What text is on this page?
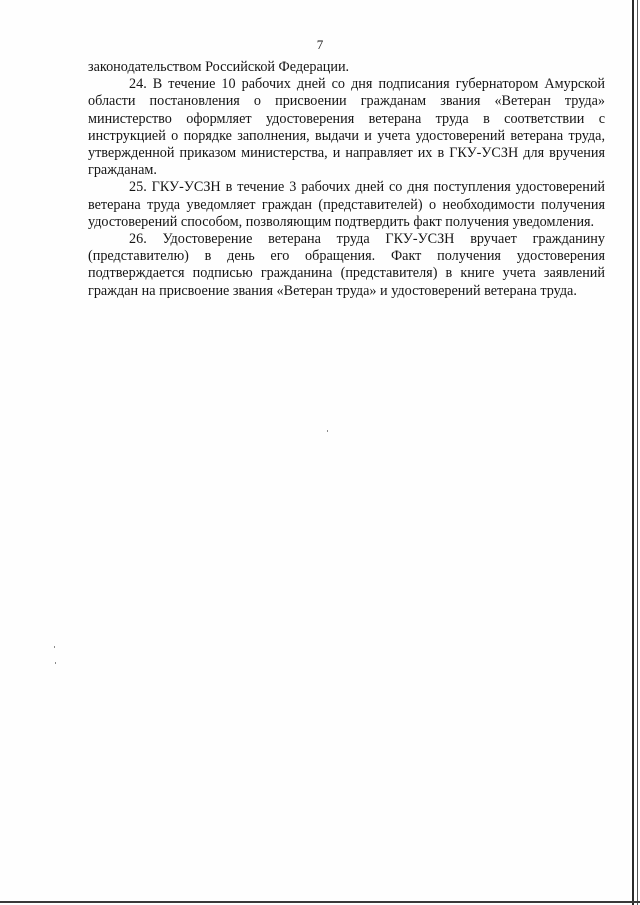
7

законодательством Российской Федерации.

24. В течение 10 рабочих дней со дня подписания губернатором Амурской области постановления о присвоении гражданам звания «Ветеран труда» министерство оформляет удостоверения ветерана труда в соответствии с инструкцией о порядке заполнения, выдачи и учета удостоверений ветерана труда, утвержденной приказом министерства, и направляет их в ГКУ-УСЗН для вручения гражданам.

25. ГКУ-УСЗН в течение 3 рабочих дней со дня поступления удостоверений ветерана труда уведомляет граждан (представителей) о необходимости получения удостоверений способом, позволяющим подтвердить факт получения уведомления.

26. Удостоверение ветерана труда ГКУ-УСЗН вручает гражданину (представителю) в день его обращения. Факт получения удостоверения подтверждается подписью гражданина (представителя) в книге учета заявлений граждан на присвоение звания «Ветеран труда» и удостоверений ветерана труда.
